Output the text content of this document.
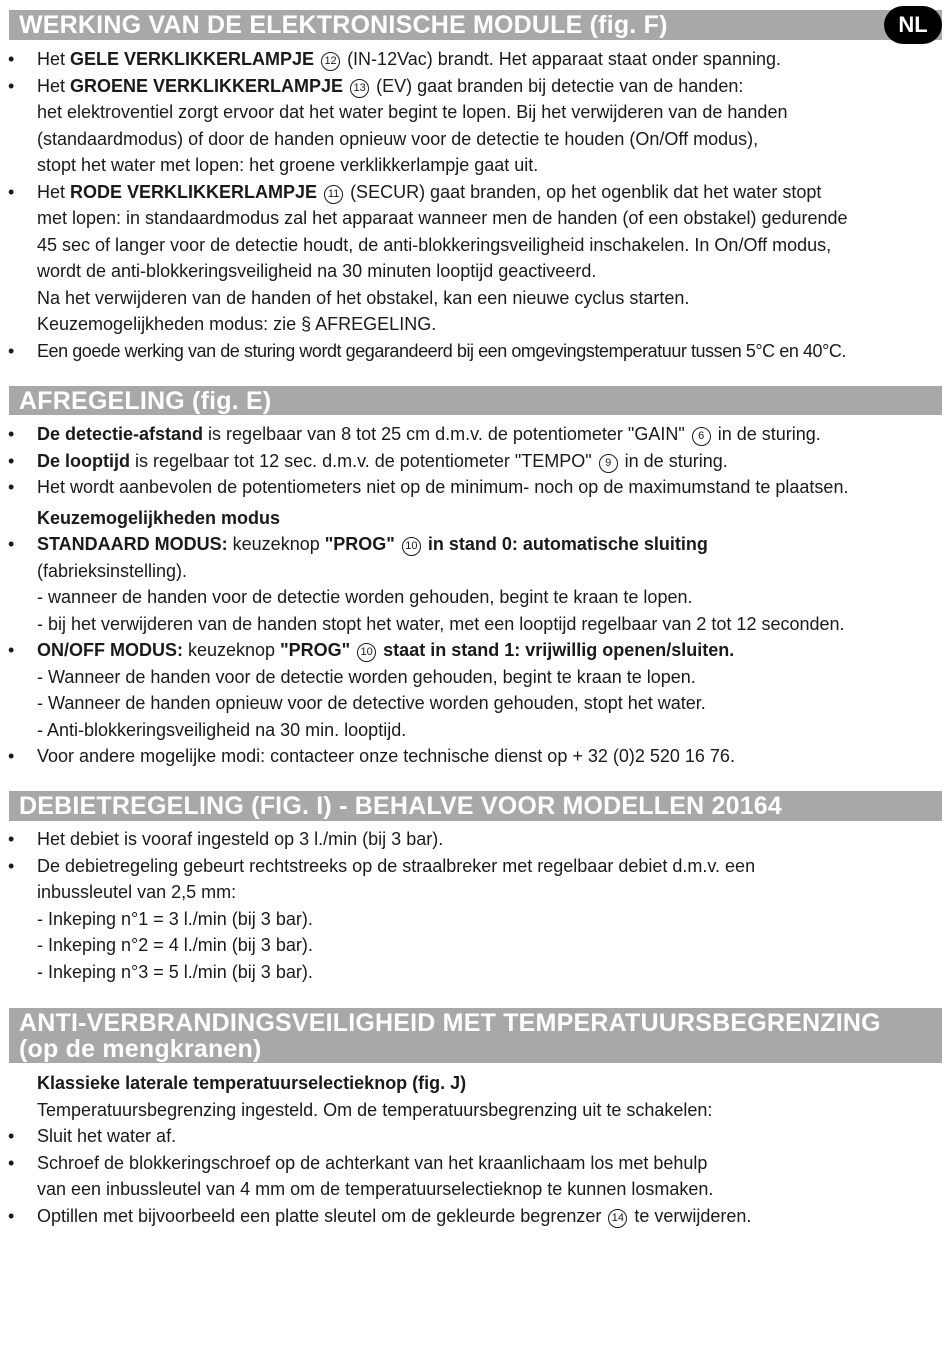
WERKING VAN DE ELEKTRONISCHE MODULE (fig. F)	NL
• Het GELE VERKLIKKERLAMPJE 12 (IN-12Vac) brandt. Het apparaat staat onder spanning.
• Het GROENE VERKLIKKERLAMPJE 13 (EV) gaat branden bij detectie van de handen:
het elektroventiel zorgt ervoor dat het water begint te lopen. Bij het verwijderen van de handen
(standaardmodus) of door de handen opnieuw voor de detectie te houden (On/Off modus),
stopt het water met lopen: het groene verklikkerlampje gaat uit.
• Het RODE VERKLIKKERLAMPJE 11 (SECUR) gaat branden, op het ogenblik dat het water stopt
met lopen: in standaardmodus zal het apparaat wanneer men de handen (of een obstakel) gedurende
45 sec of langer voor de detectie houdt, de anti-blokkeringsveiligheid inschakelen. In On/Off modus,
wordt de anti-blokkeringsveiligheid na 30 minuten looptijd geactiveerd.
Na het verwijderen van de handen of het obstakel, kan een nieuwe cyclus starten.
Keuzemogelijkheden modus: zie § AFREGELING.
• Een goede werking van de sturing wordt gegarandeerd bij een omgevingstemperatuur tussen 5°C en 40°C.
AFREGELING (fig. E)
• De detectie-afstand is regelbaar van 8 tot 25 cm d.m.v. de potentiometer "GAIN" 6 in de sturing.
• De looptijd is regelbaar tot 12 sec. d.m.v. de potentiometer "TEMPO" 9 in de sturing.
• Het wordt aanbevolen de potentiometers niet op de minimum- noch op de maximumstand te plaatsen.
Keuzemogelijkheden modus
• STANDAARD MODUS: keuzeknop "PROG" 10 in stand 0: automatische sluiting
(fabrieksinstelling).
- wanneer de handen voor de detectie worden gehouden, begint te kraan te lopen.
- bij het verwijderen van de handen stopt het water, met een looptijd regelbaar van 2 tot 12 seconden.
• ON/OFF MODUS: keuzeknop "PROG" 10 staat in stand 1: vrijwillig openen/sluiten.
- Wanneer de handen voor de detectie worden gehouden, begint te kraan te lopen.
- Wanneer de handen opnieuw voor de detective worden gehouden, stopt het water.
- Anti-blokkeringsveiligheid na 30 min. looptijd.
• Voor andere mogelijke modi: contacteer onze technische dienst op + 32 (0)2 520 16 76.
DEBIETREGELING (FIG. I) - BEHALVE VOOR MODELLEN 20164
• Het debiet is vooraf ingesteld op 3 l./min (bij 3 bar).
• De debietregeling gebeurt rechtstreeks op de straalbreker met regelbaar debiet d.m.v. een
inbussleutel van 2,5 mm:
- Inkeping n°1 = 3 l./min (bij 3 bar).
- Inkeping n°2 = 4 l./min (bij 3 bar).
- Inkeping n°3 = 5 l./min (bij 3 bar).
ANTI-VERBRANDINGSVEILIGHEID MET TEMPERATUURSBEGRENZING
(op de mengkranen)
Klassieke laterale temperatuurselectieknop (fig. J)
Temperatuursbegrenzing ingesteld. Om de temperatuursbegrenzing uit te schakelen:
• Sluit het water af.
• Schroef de blokkeringschroef op de achterkant van het kraanlichaam los met behulp
van een inbussleutel van 4 mm om de temperatuurselectieknop te kunnen losmaken.
• Optillen met bijvoorbeeld een platte sleutel om de gekleurde begrenzer 14 te verwijderen.
